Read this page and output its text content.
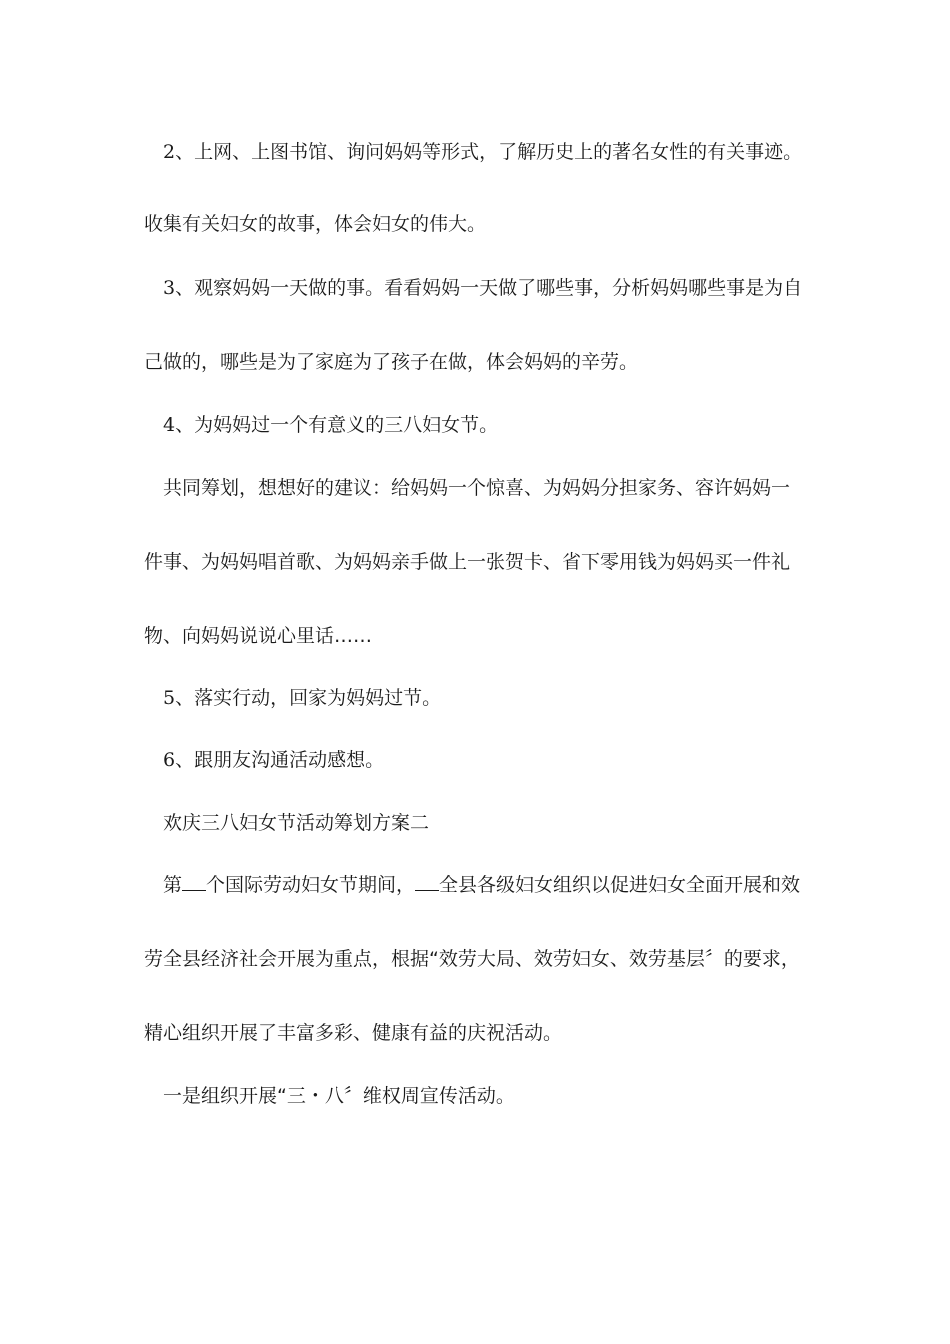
2、上网、上图书馆、询问妈妈等形式，了解历史上的著名女性的有关事迹。
收集有关妇女的故事，体会妇女的伟大。
3、观察妈妈一天做的事。看看妈妈一天做了哪些事，分析妈妈哪些事是为自
己做的，哪些是为了家庭为了孩子在做，体会妈妈的辛劳。
4、为妈妈过一个有意义的三八妇女节。
共同筹划，想想好的建议：给妈妈一个惊喜、为妈妈分担家务、容许妈妈一
件事、为妈妈唱首歌、为妈妈亲手做上一张贺卡、省下零用钱为妈妈买一件礼
物、向妈妈说说心里话……
5、落实行动，回家为妈妈过节。
6、跟朋友沟通活动感想。
欢庆三八妇女节活动筹划方案二
第 个国际劳动妇女节期间， 全县各级妇女组织以促进妇女全面开展和效
劳全县经济社会开展为重点，根据“效劳大局、效劳妇女、效劳基层〞的要求，
精心组织开展了丰富多彩、健康有益的庆祝活动。
一是组织开展“三・八〞维权周宣传活动。
